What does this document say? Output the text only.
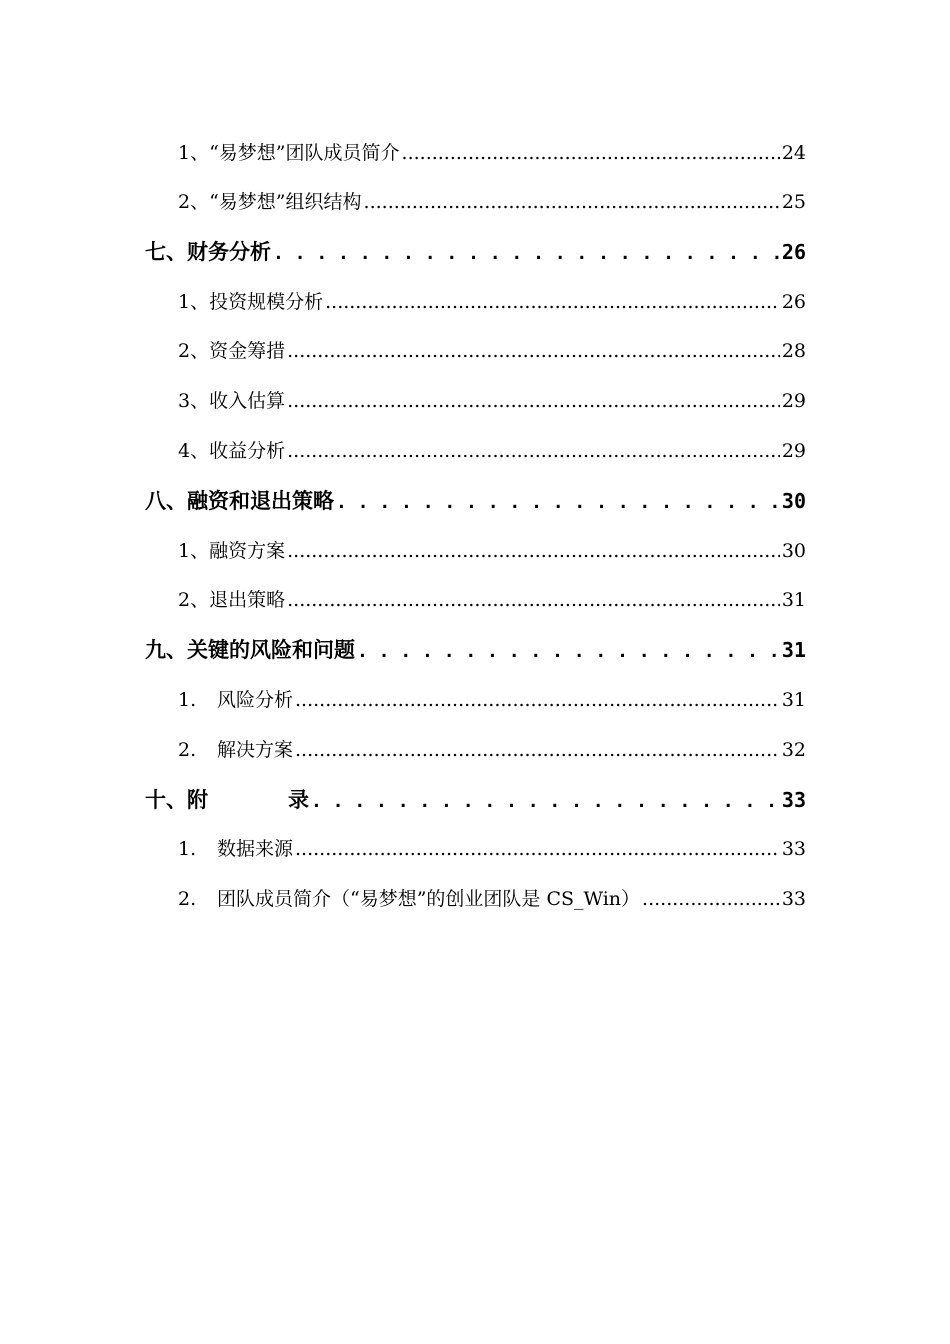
1、 “易梦想”团队成员简介 .....	24
2、 “易梦想”组织结构 .....	25
七、 财务分析 . . .	26
1、 投资规模分析 .....	26
2、 资金筹措 .....	28
3、 收入估算 .....	29
4、 收益分析 .....	29
八、 融资和退出策略 . . .	30
1、 融资方案 .....	30
2、 退出策略 .....	31
九、 关键的风险和问题 . . .	31
1.	风险分析 .....	31
2.	解决方案 .....	32
十、 附	录 . . .	33
1.	数据来源 .....	33
2.	团队成员简介（“易梦想”的创业团队是 CS_Win） .....	33
